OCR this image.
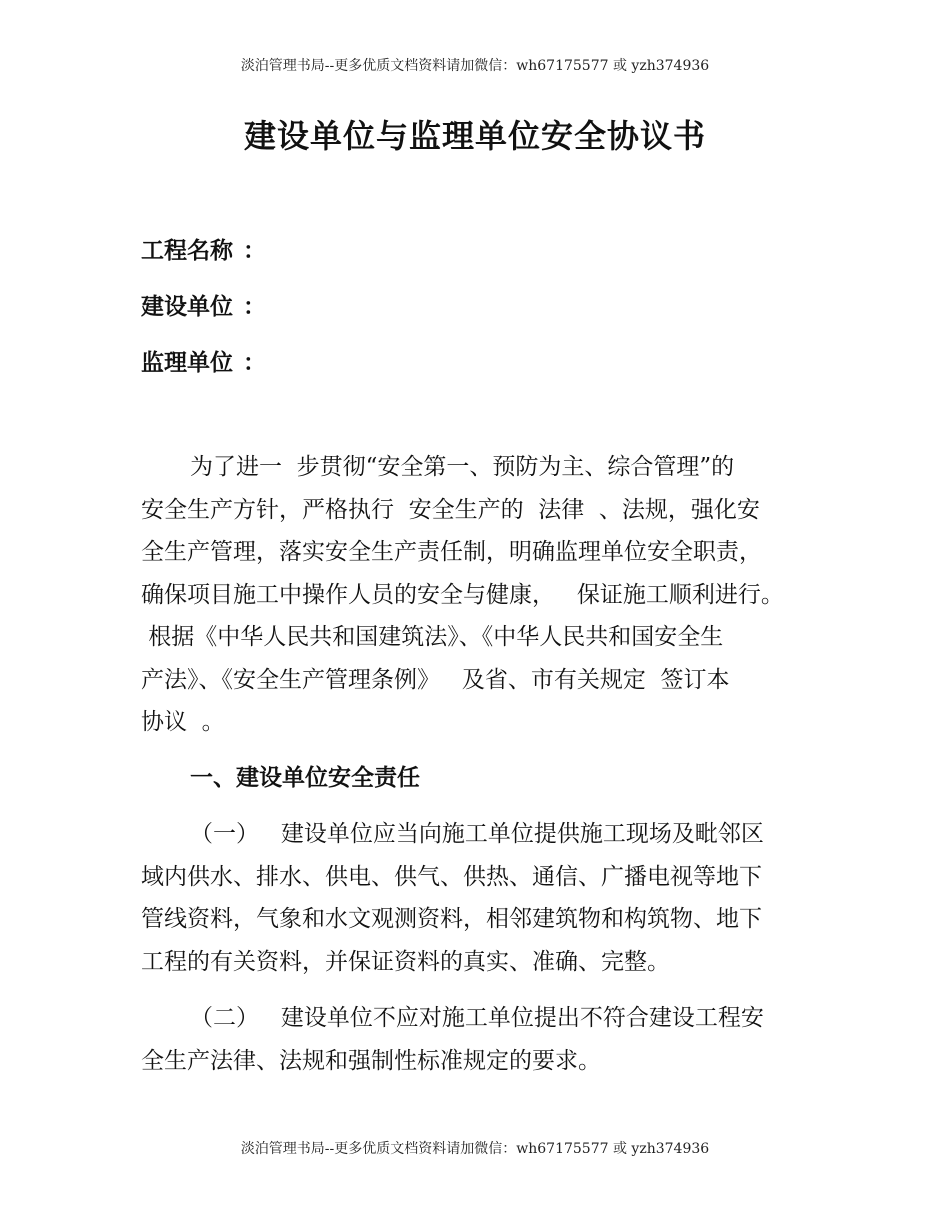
淡泊管理书局--更多优质文档资料请加微信：wh67175577 或 yzh374936
建设单位与监理单位安全协议书
工程名称 ：
建设单位 ：
监理单位 ：
为了进一  步贯彻“安全第一、预防为主、综合管理”的
安全生产方针，严格执行  安全生产的  法律  、法规，强化安
全生产管理，落实安全生产责任制，明确监理单位安全职责，
确保项目施工中操作人员的安全与健康，   保证施工顺利进行。
根据《中华人民共和国建筑法》、《中华人民共和国安全生
产法》、《安全生产管理条例》   及省、市有关规定  签订本
协议  。
一、建设单位安全责任
（一）   建设单位应当向施工单位提供施工现场及毗邻区
域内供水、排水、供电、供气、供热、通信、广播电视等地下
管线资料，气象和水文观测资料，相邻建筑物和构筑物、地下
工程的有关资料，并保证资料的真实、准确、完整。
（二）   建设单位不应对施工单位提出不符合建设工程安
全生产法律、法规和强制性标准规定的要求。
淡泊管理书局--更多优质文档资料请加微信：wh67175577 或 yzh374936
